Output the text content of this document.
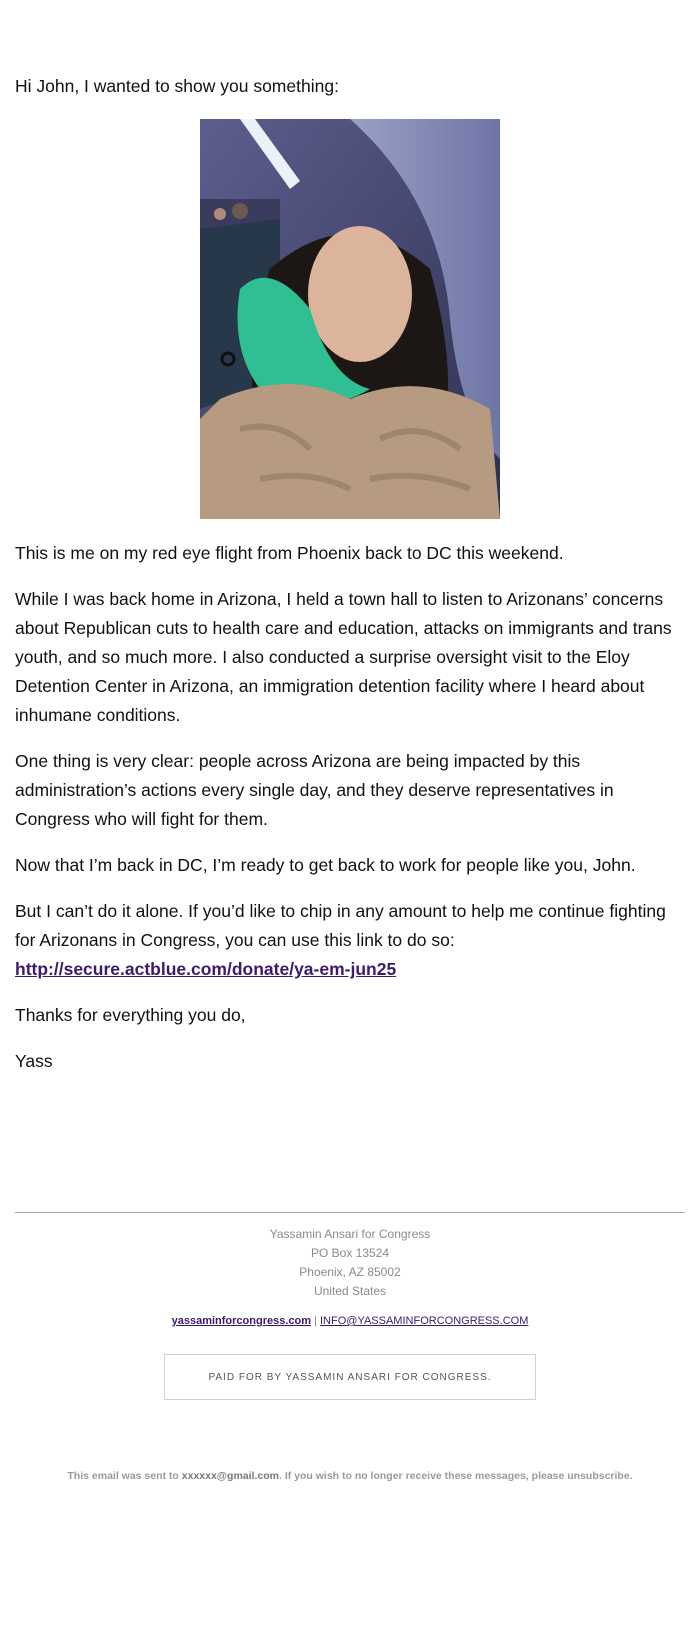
Hi John, I wanted to show you something:

This is me on my red eye flight from Phoenix back to DC this weekend.

While I was back home in Arizona, I held a town hall to listen to Arizonans’ concerns about Republican cuts to health care and education, attacks on immigrants and trans youth, and so much more. I also conducted a surprise oversight visit to the Eloy Detention Center in Arizona, an immigration detention facility where I heard about inhumane conditions.

One thing is very clear: people across Arizona are being impacted by this administration’s actions every single day, and they deserve representatives in Congress who will fight for them.

Now that I’m back in DC, I’m ready to get back to work for people like you, John.

But I can’t do it alone. If you’d like to chip in any amount to help me continue fighting for Arizonans in Congress, you can use this link to do so:
http://secure.actblue.com/donate/ya-em-jun25

Thanks for everything you do,

Yass

Yassamin Ansari for Congress
PO Box 13524
Phoenix, AZ 85002
United States
yassaminforcongress.com | INFO@YASSAMINFORCONGRESS.COM
PAID FOR BY YASSAMIN ANSARI FOR CONGRESS.
This email was sent to xxxxxx@gmail.com. If you wish to no longer receive these messages, please unsubscribe.
